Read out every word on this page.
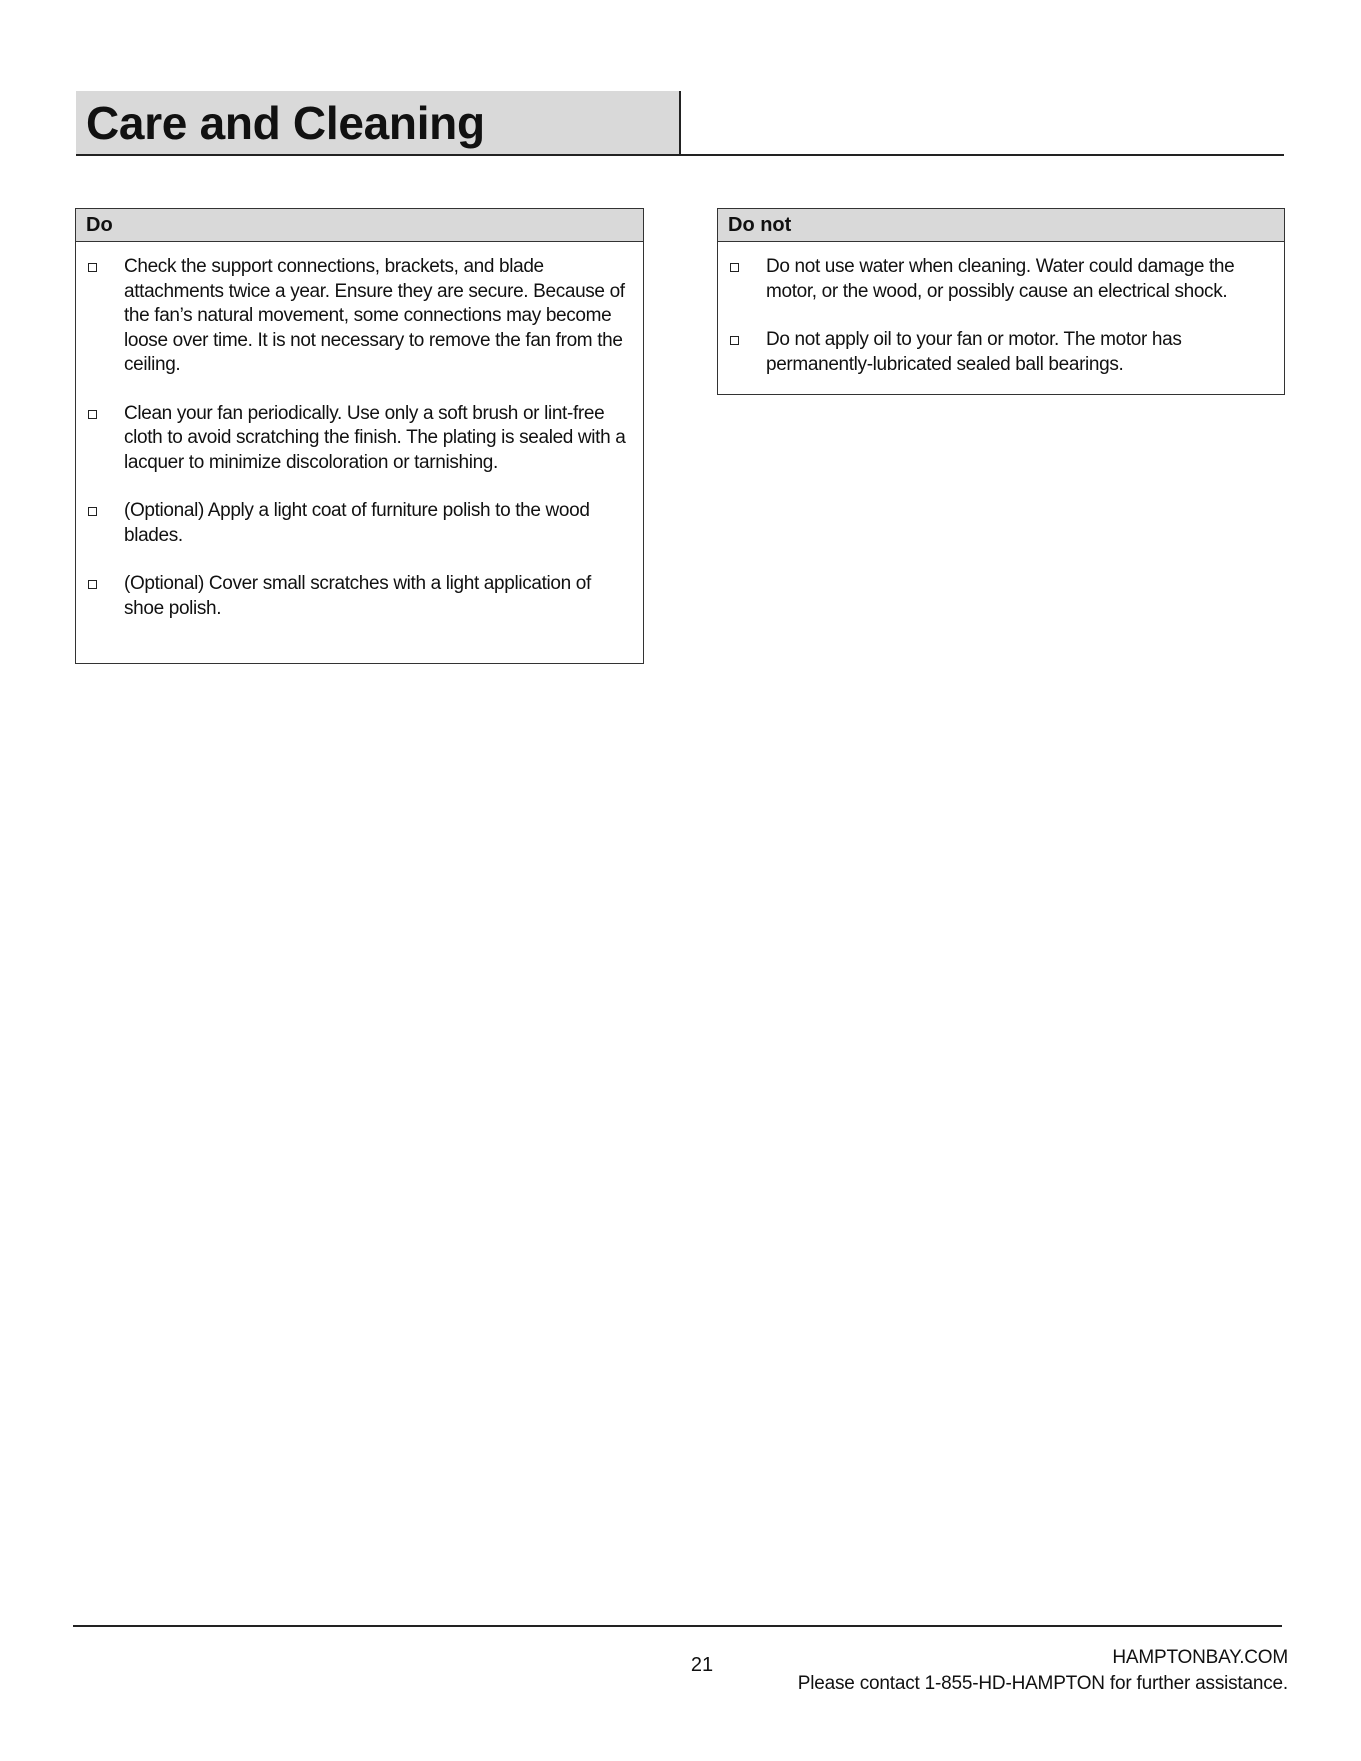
Care and Cleaning
Do
Check the support connections, brackets, and blade attachments twice a year. Ensure they are secure. Because of the fan’s natural movement, some connections may become loose over time. It is not necessary to remove the fan from the ceiling.
Clean your fan periodically. Use only a soft brush or lint-free cloth to avoid scratching the finish. The plating is sealed with a lacquer to minimize discoloration or tarnishing.
(Optional) Apply a light coat of furniture polish to the wood blades.
(Optional) Cover small scratches with a light application of shoe polish.
Do not
Do not use water when cleaning. Water could damage the motor, or the wood, or possibly cause an electrical shock.
Do not apply oil to your fan or motor. The motor has permanently-lubricated sealed ball bearings.
21	HAMPTONBAY.COM
Please contact 1-855-HD-HAMPTON for further assistance.
